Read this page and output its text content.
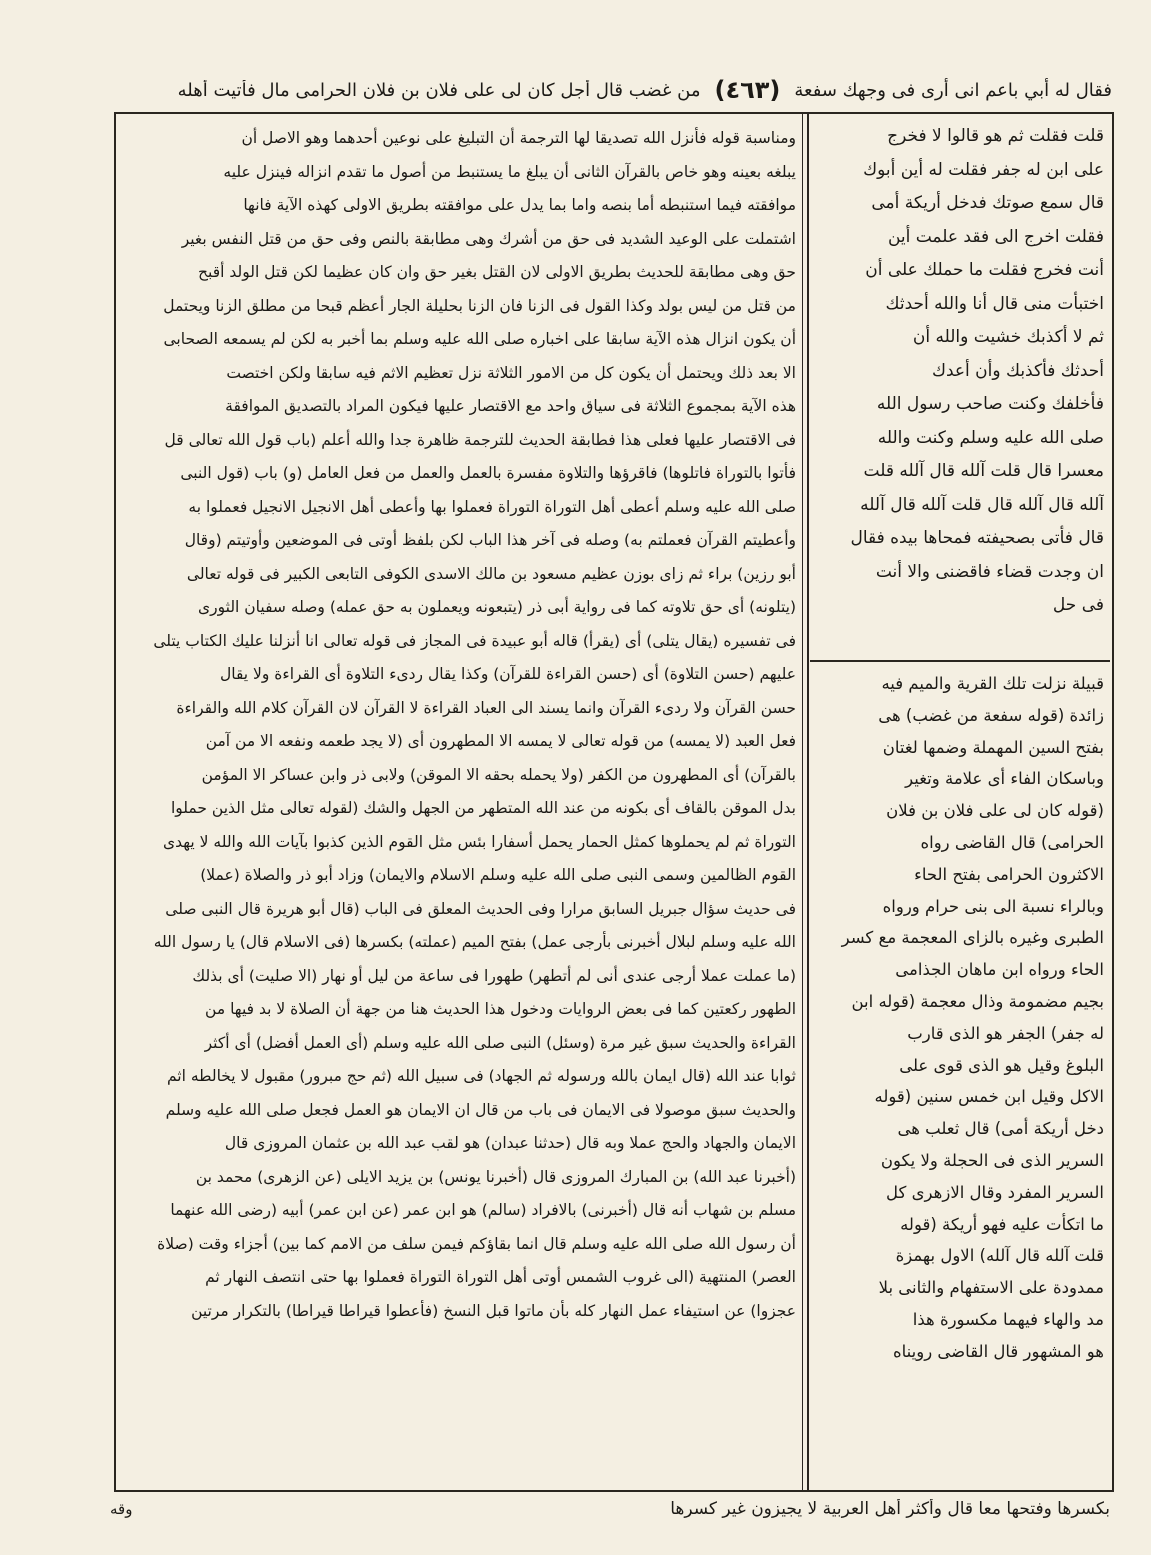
فقال له أبي باعم انى أرى فى وجهك سفعة
(٤٦٣)
من غضب قال أجل كان لى على فلان بن فلان الحرامى مال فأتيت أهله

ومناسبة قوله فأنزل الله تصديقا لها الترجمة أن التبليغ على نوعين أحدهما وهو الاصل أن

يبلغه بعينه وهو خاص بالقرآن الثانى أن يبلغ ما يستنبط من أصول ما تقدم انزاله فينزل عليه

موافقته فيما استنبطه أما بنصه واما بما يدل على موافقته بطريق الاولى كهذه الآية فانها

اشتملت على الوعيد الشديد فى حق من أشرك وهى مطابقة بالنص وفى حق من قتل النفس بغير

حق وهى مطابقة للحديث بطريق الاولى لان القتل بغير حق وان كان عظيما لكن قتل الولد أقبح

من قتل من ليس بولد وكذا القول فى الزنا فان الزنا بحليلة الجار أعظم قبحا من مطلق الزنا ويحتمل

أن يكون انزال هذه الآية سابقا على اخباره صلى الله عليه وسلم بما أخبر به لكن لم يسمعه الصحابى

الا بعد ذلك ويحتمل أن يكون كل من الامور الثلاثة نزل تعظيم الاثم فيه سابقا ولكن اختصت

هذه الآية بمجموع الثلاثة فى سياق واحد مع الاقتصار عليها فيكون المراد بالتصديق الموافقة

فى الاقتصار عليها فعلى هذا فطابقة الحديث للترجمة ظاهرة جدا والله أعلم (باب قول الله تعالى قل

فأتوا بالتوراة فاتلوها) فاقرؤها والتلاوة مفسرة بالعمل والعمل من فعل العامل (و) باب (قول النبى

صلى الله عليه وسلم أعطى أهل التوراة التوراة فعملوا بها وأعطى أهل الانجيل الانجيل فعملوا به

وأعطيتم القرآن فعملتم به) وصله فى آخر هذا الباب لكن بلفظ أوتى فى الموضعين وأوتيتم (وقال

أبو رزين) براء ثم زاى بوزن عظيم مسعود بن مالك الاسدى الكوفى التابعى الكبير فى قوله تعالى

(يتلونه) أى حق تلاوته كما فى رواية أبى ذر (يتبعونه ويعملون به حق عمله) وصله سفيان الثورى

فى تفسيره (يقال يتلى) أى (يقرأ) قاله أبو عبيدة فى المجاز فى قوله تعالى انا أنزلنا عليك الكتاب يتلى

عليهم (حسن التلاوة) أى (حسن القراءة للقرآن) وكذا يقال ردىء التلاوة أى القراءة ولا يقال

حسن القرآن ولا ردىء القرآن وانما يسند الى العباد القراءة لا القرآن لان القرآن كلام الله والقراءة

فعل العبد (لا يمسه) من قوله تعالى لا يمسه الا المطهرون أى (لا يجد طعمه ونفعه الا من آمن

بالقرآن) أى المطهرون من الكفر (ولا يحمله بحقه الا الموقن) ولابى ذر وابن عساكر الا المؤمن

بدل الموقن بالقاف أى بكونه من عند الله المتطهر من الجهل والشك (لقوله تعالى مثل الذين حملوا

التوراة ثم لم يحملوها كمثل الحمار يحمل أسفارا بئس مثل القوم الذين كذبوا بآيات الله والله لا يهدى

القوم الظالمين وسمى النبى صلى الله عليه وسلم الاسلام والايمان) وزاد أبو ذر والصلاة (عملا)

فى حديث سؤال جبريل السابق مرارا وفى الحديث المعلق فى الباب (قال أبو هريرة قال النبى صلى

الله عليه وسلم لبلال أخبرنى بأرجى عمل) بفتح الميم (عملته) بكسرها (فى الاسلام قال) يا رسول الله

(ما عملت عملا أرجى عندى أنى لم أتطهر) طهورا فى ساعة من ليل أو نهار (الا صليت) أى بذلك

الطهور ركعتين كما فى بعض الروايات ودخول هذا الحديث هنا من جهة أن الصلاة لا بد فيها من

القراءة والحديث سبق غير مرة (وسئل) النبى صلى الله عليه وسلم (أى العمل أفضل) أى أكثر

ثوابا عند الله (قال ايمان بالله ورسوله ثم الجهاد) فى سبيل الله (ثم حج مبرور) مقبول لا يخالطه اثم

والحديث سبق موصولا فى الايمان فى باب من قال ان الايمان هو العمل فجعل صلى الله عليه وسلم

الايمان والجهاد والحج عملا وبه قال (حدثنا عبدان) هو لقب عبد الله بن عثمان المروزى قال

(أخبرنا عبد الله) بن المبارك المروزى قال (أخبرنا يونس) بن يزيد الايلى (عن الزهرى) محمد بن

مسلم بن شهاب أنه قال (أخبرنى) بالافراد (سالم) هو ابن عمر (عن ابن عمر) أبيه (رضى الله عنهما

أن رسول الله صلى الله عليه وسلم قال انما بقاؤكم فيمن سلف من الامم كما بين) أجزاء وقت (صلاة

العصر) المنتهية (الى غروب الشمس أوتى أهل التوراة التوراة فعملوا بها حتى انتصف النهار ثم

عجزوا) عن استيفاء عمل النهار كله بأن ماتوا قبل النسخ (فأعطوا قيراطا قيراطا) بالتكرار مرتين

قلت فقلت ثم هو قالوا لا فخرج

على ابن له جفر فقلت له أين أبوك

قال سمع صوتك فدخل أريكة أمى

فقلت اخرج الى فقد علمت أين

أنت فخرج فقلت ما حملك على أن

اختبأت منى قال أنا والله أحدثك

ثم لا أكذبك خشيت والله أن

أحدثك فأكذبك وأن أعدك

فأخلفك وكنت صاحب رسول الله

صلى الله عليه وسلم وكنت والله

معسرا قال قلت آلله قال آلله قلت

آلله قال آلله قال قلت آلله قال آلله

قال فأتى بصحيفته فمحاها بيده فقال

ان وجدت قضاء فاقضنى والا أنت

فى حل

قبيلة نزلت تلك القرية والميم فيه

زائدة (قوله سفعة من غضب) هى

بفتح السين المهملة وضمها لغتان

وباسكان الفاء أى علامة وتغير

(قوله كان لى على فلان بن فلان

الحرامى) قال القاضى رواه

الاكثرون الحرامى بفتح الحاء

وبالراء نسبة الى بنى حرام ورواه

الطبرى وغيره بالزاى المعجمة مع كسر

الحاء ورواه ابن ماهان الجذامى

بجيم مضمومة وذال معجمة (قوله ابن

له جفر) الجفر هو الذى قارب

البلوغ وقيل هو الذى قوى على

الاكل وقيل ابن خمس سنين (قوله

دخل أريكة أمى) قال ثعلب هى

السرير الذى فى الحجلة ولا يكون

السرير المفرد وقال الازهرى كل

ما اتكأت عليه فهو أريكة (قوله

قلت آلله قال آلله) الاول بهمزة

ممدودة على الاستفهام والثانى بلا

مد والهاء فيهما مكسورة هذا

هو المشهور قال القاضى رويناه

بكسرها وفتحها معا قال وأكثر أهل العربية لا يجيزون غير كسرها
وقه
